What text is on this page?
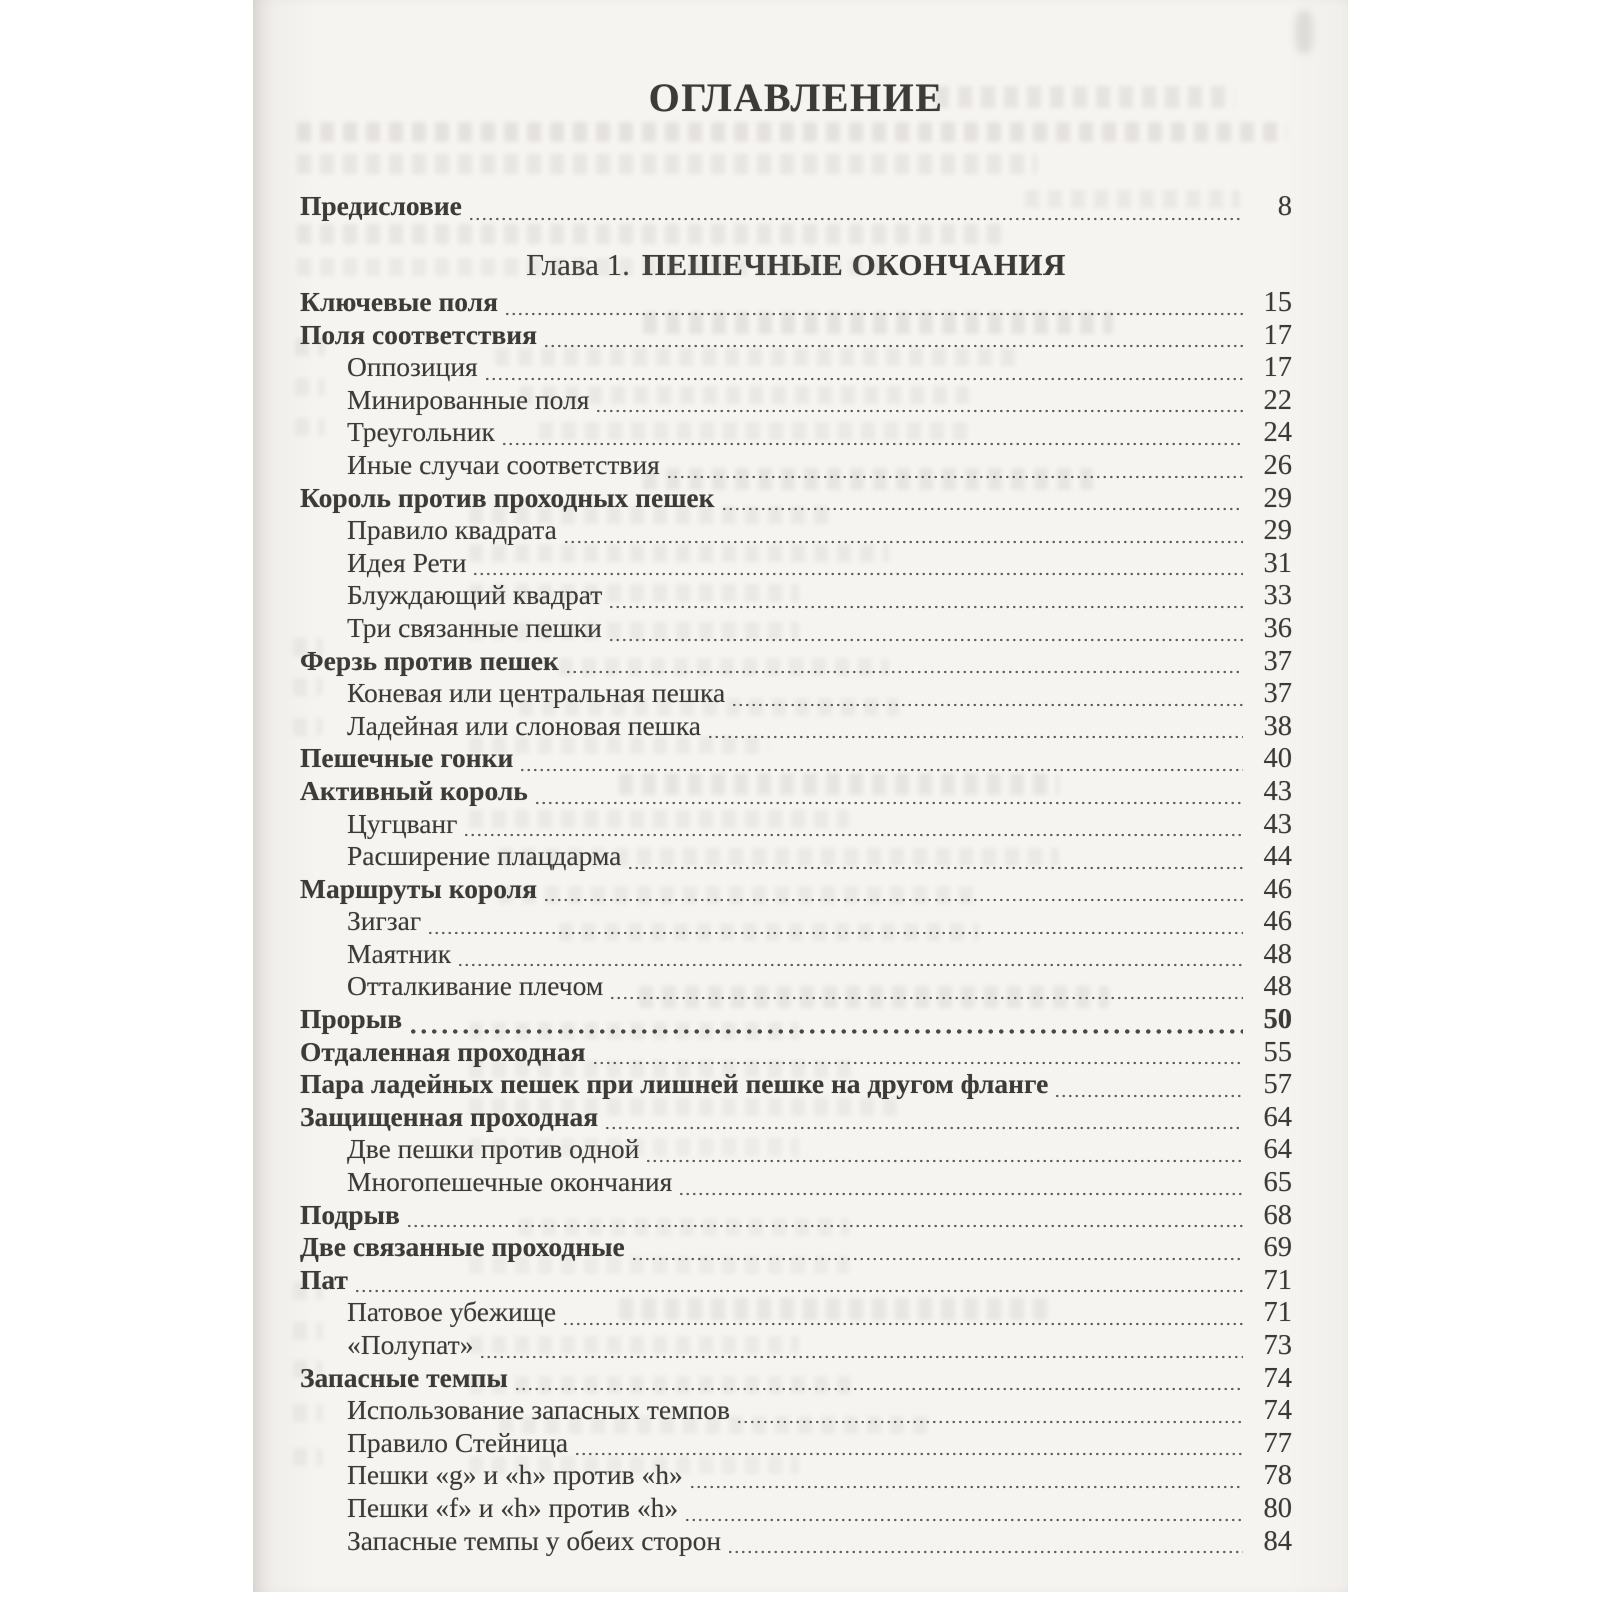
ОГЛАВЛЕНИЕ
Предисловие	8
Глава 1. ПЕШЕЧНЫЕ ОКОНЧАНИЯ
Ключевые поля	15
Поля соответствия	17
Оппозиция	17
Минированные поля	22
Треугольник	24
Иные случаи соответствия	26
Король против проходных пешек	29
Правило квадрата	29
Идея Рети	31
Блуждающий квадрат	33
Три связанные пешки	36
Ферзь против пешек	37
Коневая или центральная пешка	37
Ладейная или слоновая пешка	38
Пешечные гонки	40
Активный король	43
Цугцванг	43
Расширение плацдарма	44
Маршруты короля	46
Зигзаг	46
Маятник	48
Отталкивание плечом	48
Прорыв	50
Отдаленная проходная	55
Пара ладейных пешек при лишней пешке на другом фланге	57
Защищенная проходная	64
Две пешки против одной	64
Многопешечные окончания	65
Подрыв	68
Две связанные проходные	69
Пат	71
Патовое убежище	71
«Полупат»	73
Запасные темпы	74
Использование запасных темпов	74
Правило Стейница	77
Пешки «g» и «h» против «h»	78
Пешки «f» и «h» против «h»	80
Запасные темпы у обеих сторон	84
